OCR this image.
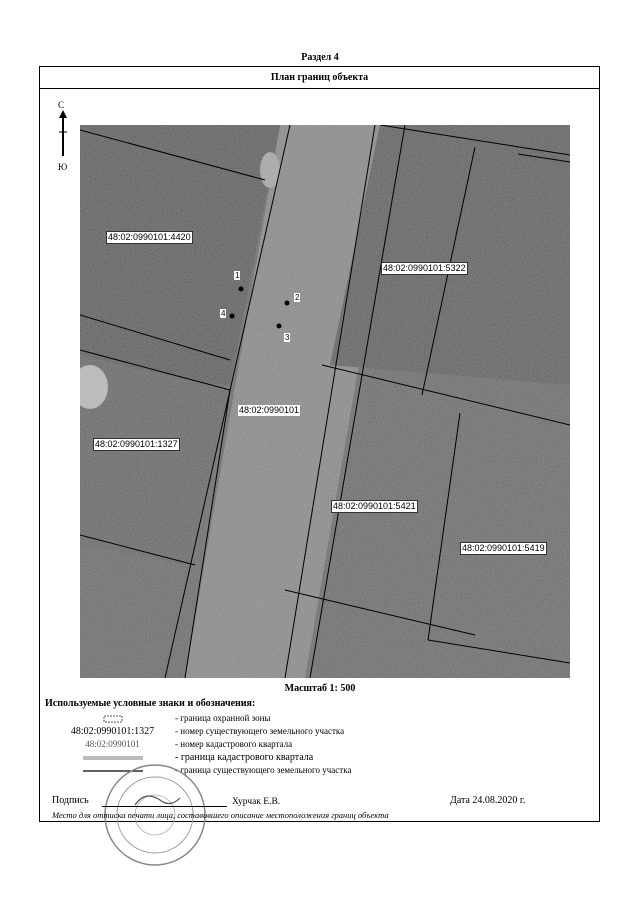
Раздел 4
План границ объекта
С
Ю
48:02:0990101:4420
48:02:0990101:5322
48:02:0990101:1327
48:02:0990101
48:02:0990101:5421
48:02:0990101:5419
1
2
3
4
Масштаб 1: 500
Используемые условные знаки и обозначения:
- граница охранной зоны
48:02:0990101:1327	- номер существующего земельного участка
48:02:0990101	- номер кадастрового квартала
- граница кадастрового квартала
- граница существующего земельного участка
Подпись	Хурчак Е.В.	Дата 24.08.2020 г.
Место для оттиска печати лица, составившего описание местоположения границ объекта
